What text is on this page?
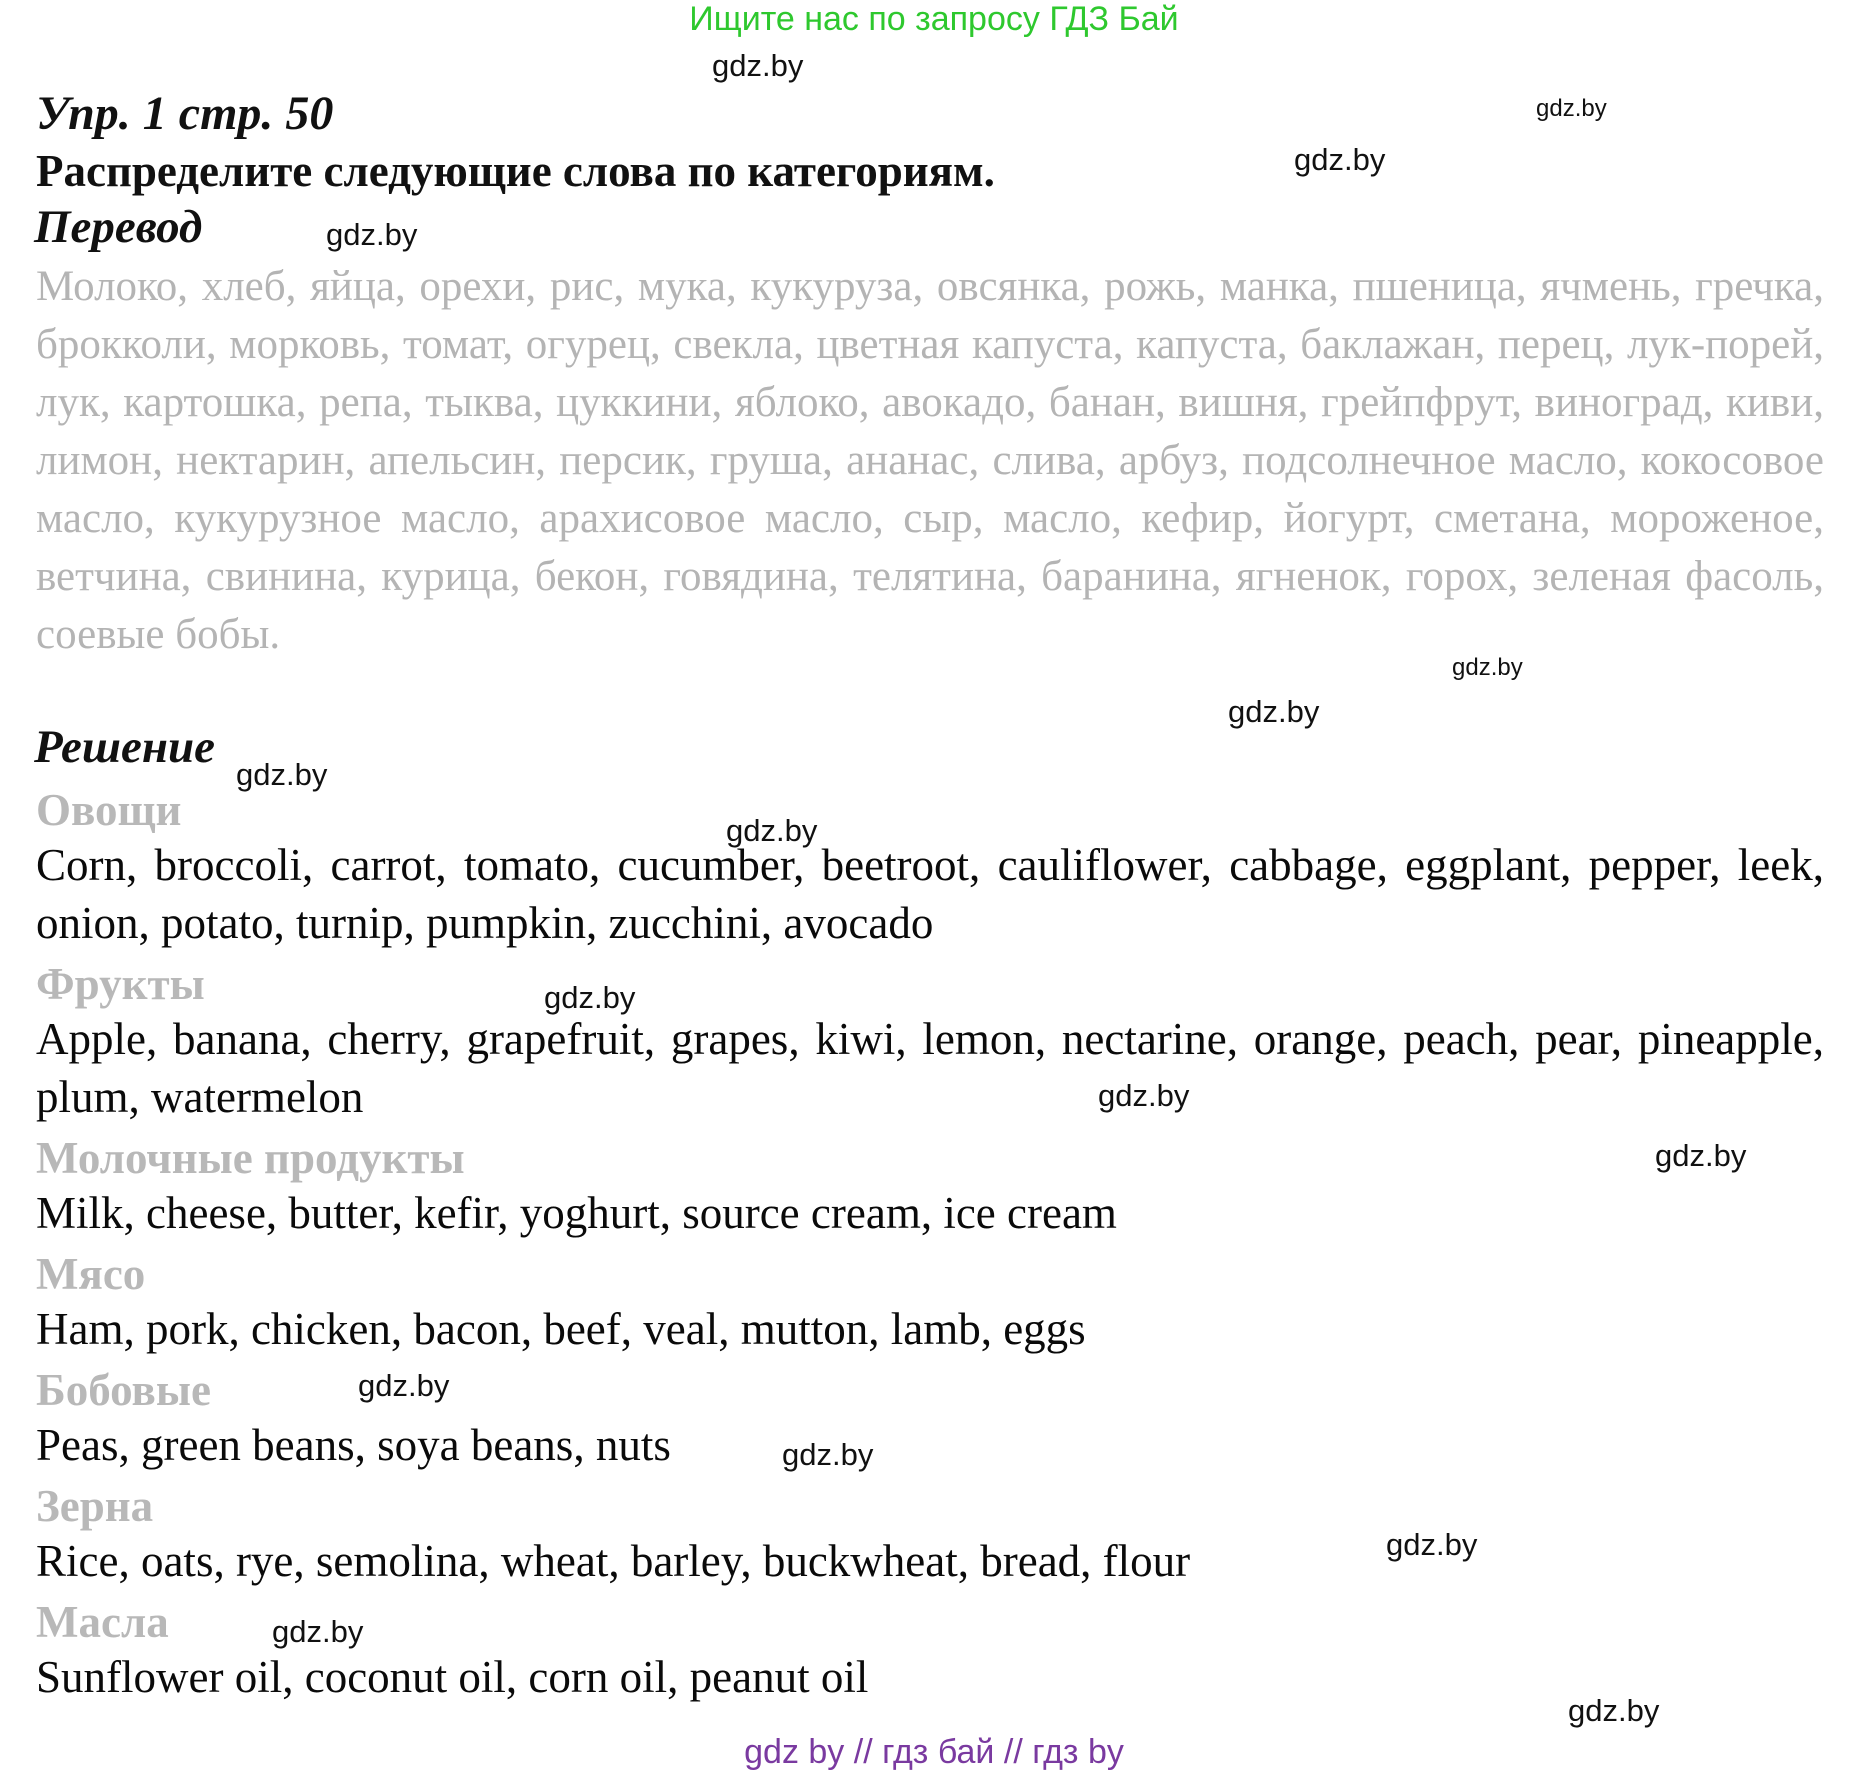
Ищите нас по запросу ГДЗ Бай
gdz.by
gdz.by
gdz.by
gdz.by
Упр. 1 стр. 50
Распределите следующие слова по категориям.
Перевод
Молоко, хлеб, яйца, орехи, рис, мука, кукуруза, овсянка, рожь, манка, пшеница, ячмень, гречка, брокколи, морковь, томат, огурец, свекла, цветная капуста, капуста, баклажан, перец, лук-порей, лук, картошка, репа, тыква, цуккини, яблоко, авокадо, банан, вишня, грейпфрут, виноград, киви, лимон, нектарин, апельсин, персик, груша, ананас, слива, арбуз, подсолнечное масло, кокосовое масло, кукурузное масло, арахисовое масло, сыр, масло, кефир, йогурт, сметана, мороженое, ветчина, свинина, курица, бекон, говядина, телятина, баранина, ягненок, горох, зеленая фасоль, соевые бобы.
gdz.by
gdz.by
Решение
gdz.by
Овощи	gdz.by
Corn, broccoli, carrot, tomato, cucumber, beetroot, cauliflower, cabbage, eggplant, pepper, leek, onion, potato, turnip, pumpkin, zucchini, avocado
Фрукты	gdz.by
Apple, banana, cherry, grapefruit, grapes, kiwi, lemon, nectarine, orange, peach, pear, pineapple, plum, watermelon	gdz.by
Молочные продукты	gdz.by
Milk, cheese, butter, kefir, yoghurt, source cream, ice cream
Мясо
Ham, pork, chicken, bacon, beef, veal, mutton, lamb, eggs
Бобовые	gdz.by
Peas, green beans, soya beans, nuts	gdz.by
Зерна
gdz.by
Rice, oats, rye, semolina, wheat, barley, buckwheat, bread, flour
Масла	gdz.by
Sunflower oil, coconut oil, corn oil, peanut oil
gdz.by
gdz by // гдз бай // гдз by
